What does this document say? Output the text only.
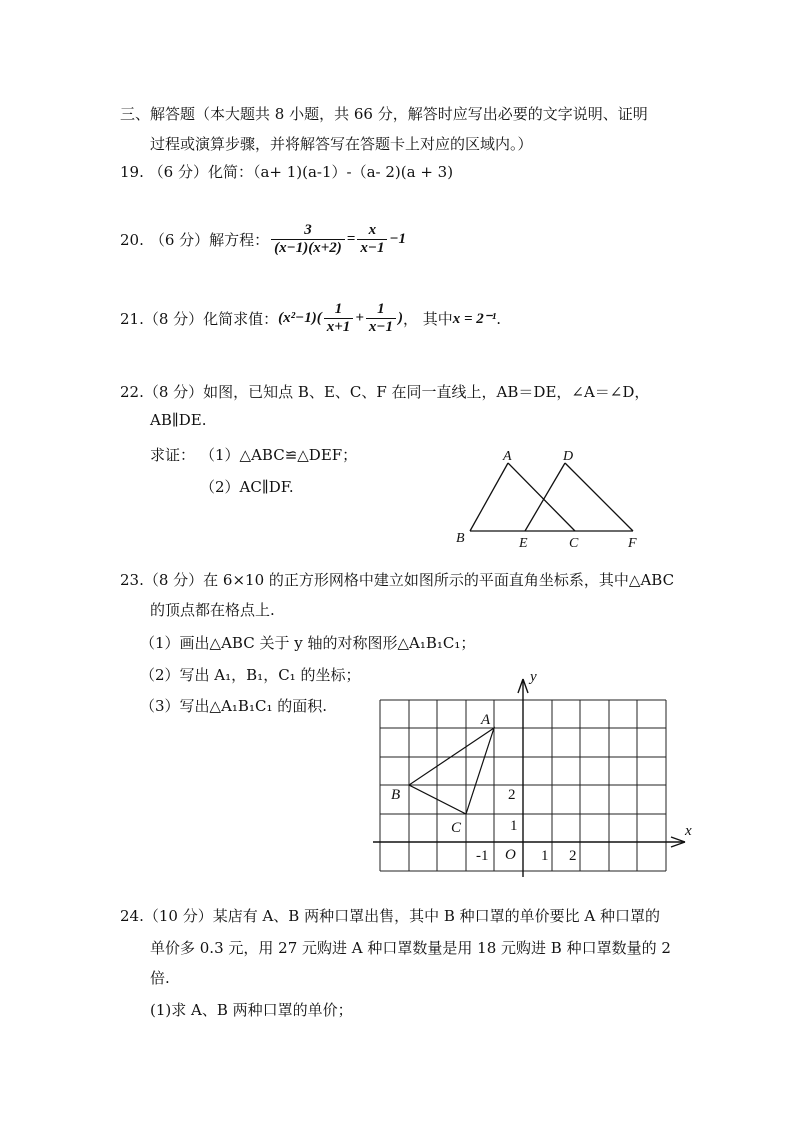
三、解答题（本大题共 8 小题，共 66 分，解答时应写出必要的文字说明、证明
过程或演算步骤，并将解答写在答题卡上对应的区域内。）
19. （6 分）化简：（a+ 1)(a-1）-（a- 2)(a + 3)
20. （6 分）解方程： $\frac{3}{(x-1)(x+2)} = \frac{x}{x-1} -1$
21. （8 分）化简求值： $(x^2-1)( \frac{1}{x+1} + \frac{1}{x-1}$ ) ， 其中 x = 2⁻¹ .
22.（8 分）如图，已知点 B、E、C、F 在同一直线上，AB＝DE，∠A＝∠D，
AB∥DE.
求证： （1）△ABC≌△DEF；
（2）AC∥DF.
A	D
B	E	C	F
23.（8 分）在 6×10 的正方形网格中建立如图所示的平面直角坐标系，其中△ABC
的顶点都在格点上.
（1）画出△ABC 关于 y 轴的对称图形△A₁B₁C₁；
（2）写出 A₁，B₁，C₁ 的坐标；
（3）写出△A₁B₁C₁ 的面积.
x
y
A
B
C
O
-1	1 2
1
2
24.（10 分）某店有 A、B 两种口罩出售，其中 B 种口罩的单价要比 A 种口罩的
单价多 0.3 元，用 27 元购进 A 种口罩数量是用 18 元购进 B 种口罩数量的 2
倍.
(1)求 A、B 两种口罩的单价；
